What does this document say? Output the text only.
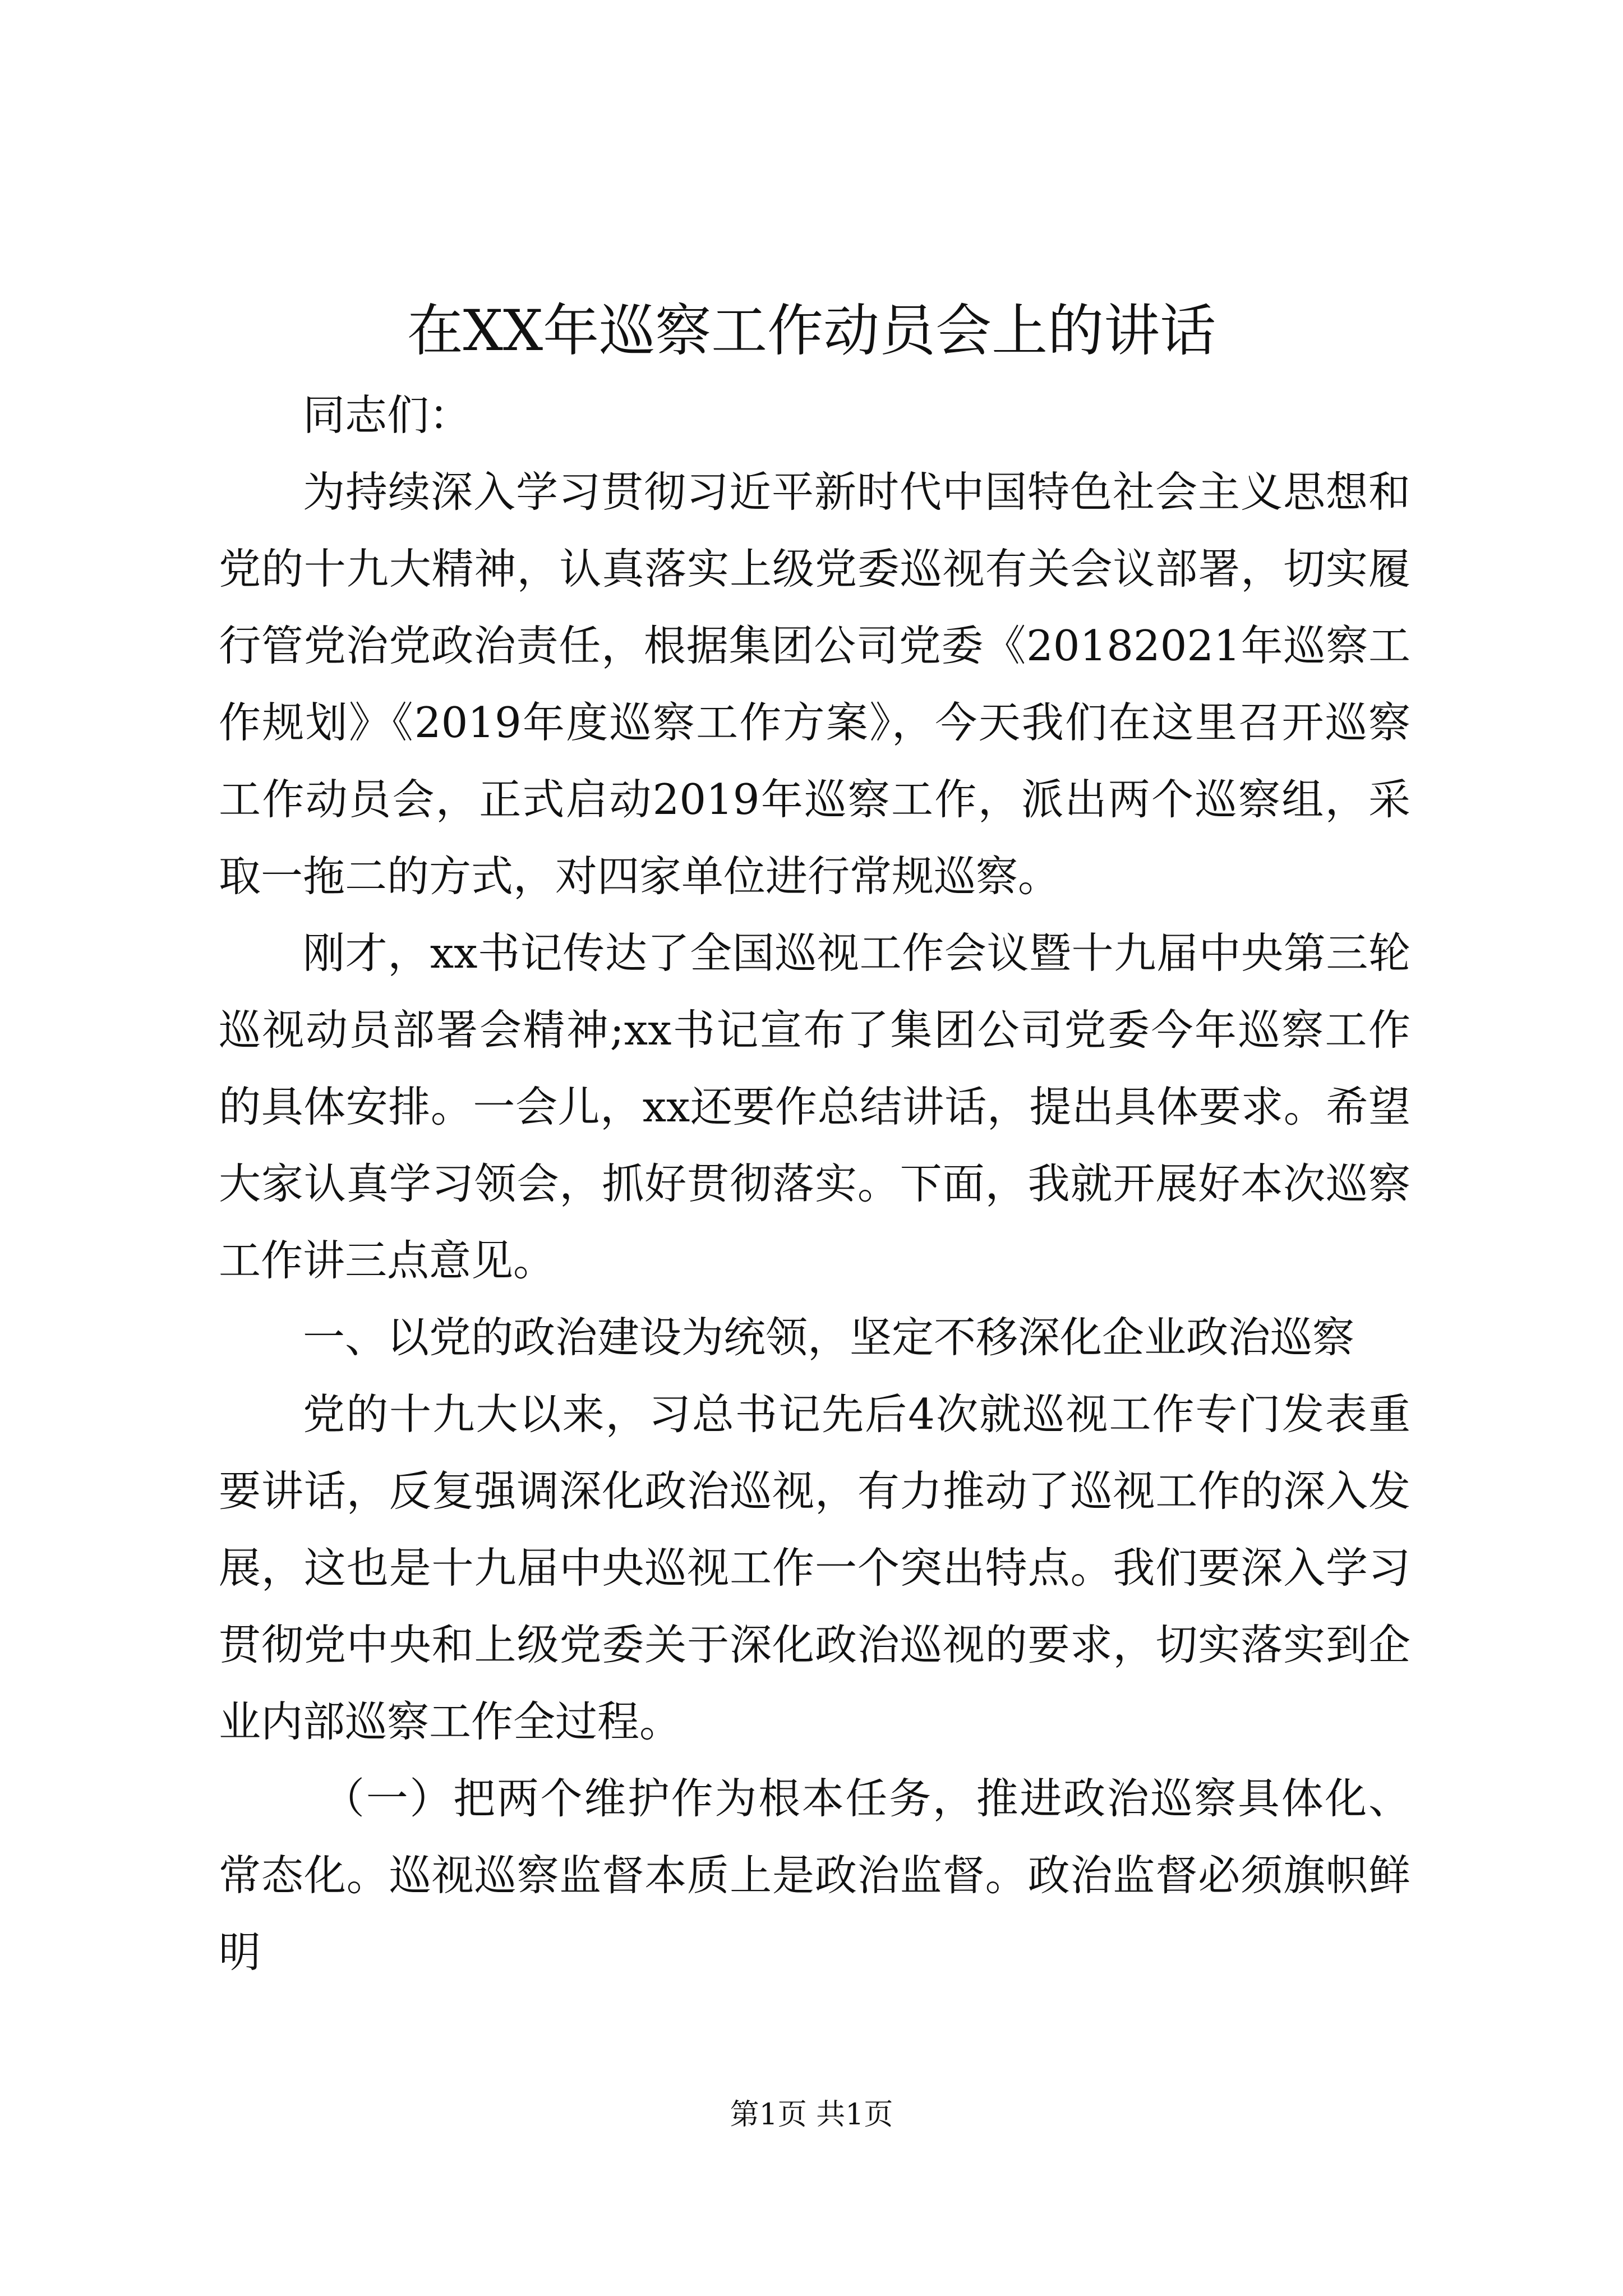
在XX年巡察工作动员会上的讲话

同志们：

为持续深入学习贯彻习近平新时代中国特色社会主义思想和党的十九大精神，认真落实上级党委巡视有关会议部署，切实履行管党治党政治责任，根据集团公司党委《20182021年巡察工作规划》《2019年度巡察工作方案》，今天我们在这里召开巡察工作动员会，正式启动2019年巡察工作，派出两个巡察组，采取一拖二的方式，对四家单位进行常规巡察。

刚才，xx书记传达了全国巡视工作会议暨十九届中央第三轮巡视动员部署会精神;xx书记宣布了集团公司党委今年巡察工作的具体安排。一会儿，xx还要作总结讲话，提出具体要求。希望大家认真学习领会，抓好贯彻落实。下面，我就开展好本次巡察工作讲三点意见。

一、以党的政治建设为统领，坚定不移深化企业政治巡察

党的十九大以来，习总书记先后4次就巡视工作专门发表重要讲话，反复强调深化政治巡视，有力推动了巡视工作的深入发展，这也是十九届中央巡视工作一个突出特点。我们要深入学习贯彻党中央和上级党委关于深化政治巡视的要求，切实落实到企业内部巡察工作全过程。

（一）把两个维护作为根本任务，推进政治巡察具体化、常态化。巡视巡察监督本质上是政治监督。政治监督必须旗帜鲜明

第1页 共1页
